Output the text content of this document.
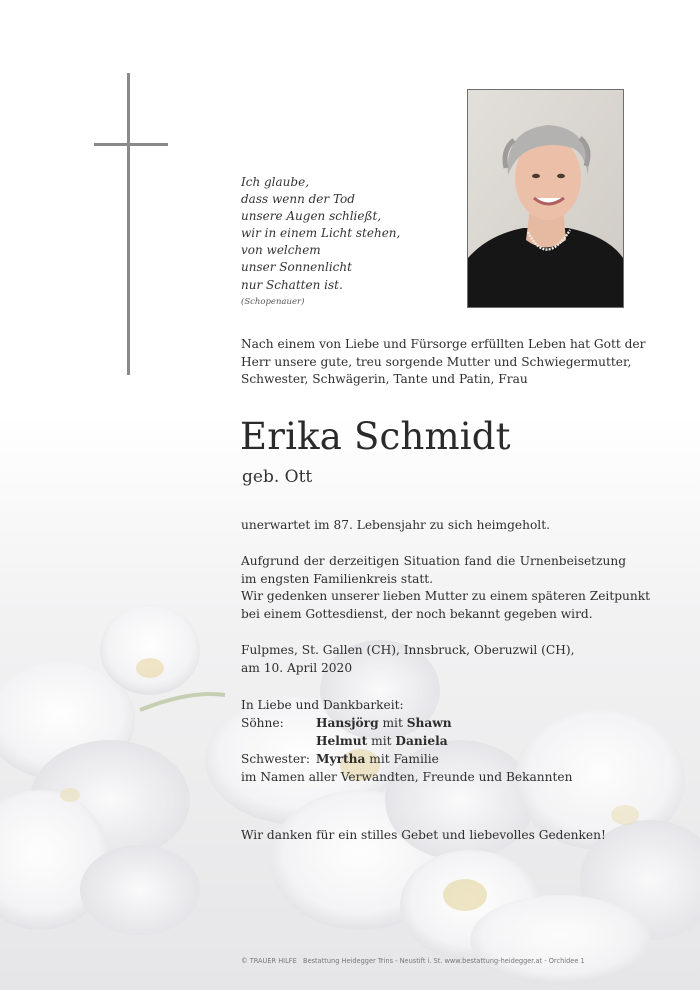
Ich glaube,
dass wenn der Tod
unsere Augen schließt,
wir in einem Licht stehen,
von welchem
unser Sonnenlicht
nur Schatten ist.
(Schopenauer)
Nach einem von Liebe und Fürsorge erfüllten Leben hat Gott der
Herr unsere gute, treu sorgende Mutter und Schwiegermutter,
Schwester, Schwägerin, Tante und Patin, Frau
Erika Schmidt
geb. Ott
unerwartet im 87. Lebensjahr zu sich heimgeholt.
Aufgrund der derzeitigen Situation fand die Urnenbeisetzung
im engsten Familienkreis statt.
Wir gedenken unserer lieben Mutter zu einem späteren Zeitpunkt
bei einem Gottesdienst, der noch bekannt gegeben wird.
Fulpmes, St. Gallen (CH), Innsbruck, Oberuzwil (CH),
am 10. April 2020
In Liebe und Dankbarkeit:
Söhne:	Hansjörg mit Shawn
Helmut mit Daniela
Schwester: Myrtha mit Familie
im Namen aller Verwandten, Freunde und Bekannten
Wir danken für ein stilles Gebet und liebevolles Gedenken!
© TRAUER HILFE Bestattung Heidegger Trins - Neustift i. St. www.bestattung-heidegger.at - Orchidee 1
